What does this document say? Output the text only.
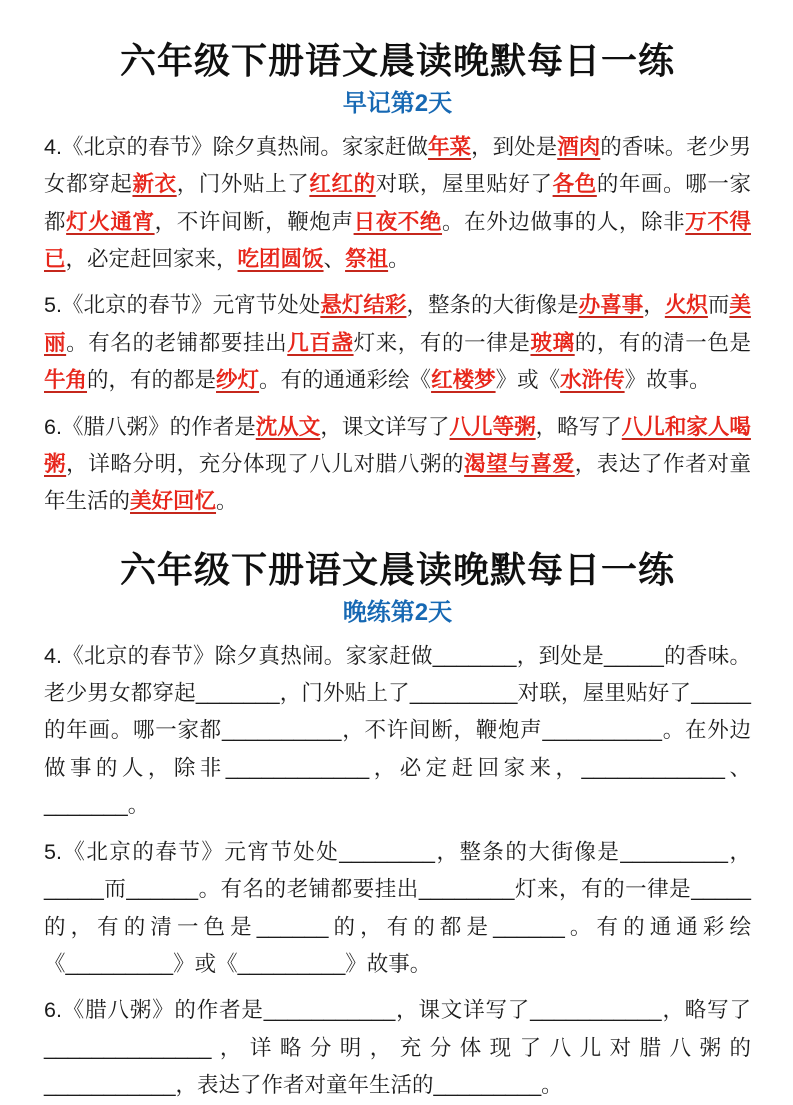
六年级下册语文晨读晚默每日一练
早记第2天

4.《北京的春节》除夕真热闹。家家赶做年菜，到处是酒肉的香味。老少男女都穿起新衣，门外贴上了红红的对联，屋里贴好了各色的年画。哪一家都灯火通宵，不许间断，鞭炮声日夜不绝。在外边做事的人，除非万不得已，必定赶回家来，吃团圆饭、祭祖。

5.《北京的春节》元宵节处处悬灯结彩，整条的大街像是办喜事，火炽而美丽。有名的老铺都要挂出几百盏灯来，有的一律是玻璃的，有的清一色是牛角的，有的都是纱灯。有的通通彩绘《红楼梦》或《水浒传》故事。

6.《腊八粥》的作者是沈从文，课文详写了八儿等粥，略写了八儿和家人喝粥，详略分明，充分体现了八儿对腊八粥的渴望与喜爱，表达了作者对童年生活的美好回忆。

六年级下册语文晨读晚默每日一练
晚练第2天

4.《北京的春节》除夕真热闹。家家赶做_______，到处是_____的香味。老少男女都穿起_______，门外贴上了_________对联，屋里贴好了_____的年画。哪一家都__________，不许间断，鞭炮声__________。在外边做事的人，除非____________，必定赶回家来，____________、_______。

5.《北京的春节》元宵节处处________，整条的大街像是_________，_____而______。有名的老铺都要挂出________灯来，有的一律是_____的，有的清一色是______的，有的都是______。有的通通彩绘《_________》或《_________》故事。

6.《腊八粥》的作者是___________，课文详写了___________，略写了______________，详略分明，充分体现了八儿对腊八粥的___________，表达了作者对童年生活的_________。
